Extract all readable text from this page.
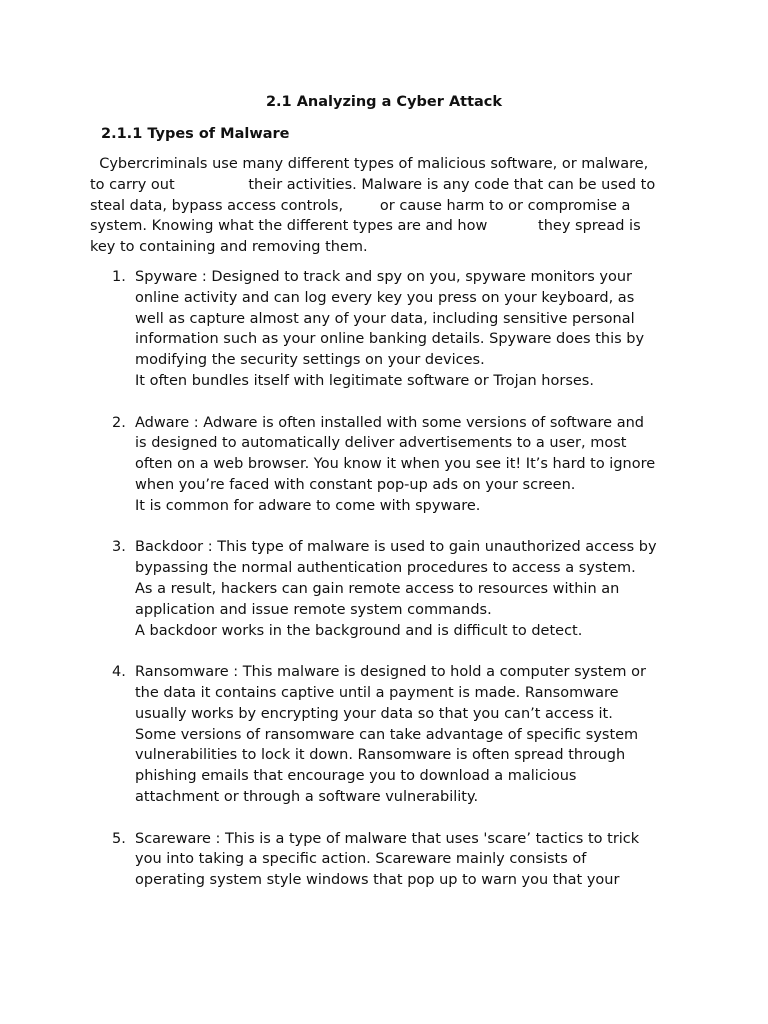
2.1 Analyzing a Cyber Attack
2.1.1 Types of Malware

Cybercriminals use many different types of malicious software, or malware,
to carry out                their activities. Malware is any code that can be used to
steal data, bypass access controls,        or cause harm to or compromise a
system. Knowing what the different types are and how           they spread is
key to containing and removing them.

1. Spyware : Designed to track and spy on you, spyware monitors your
online activity and can log every key you press on your keyboard, as
well as capture almost any of your data, including sensitive personal
information such as your online banking details. Spyware does this by
modifying the security settings on your devices.
It often bundles itself with legitimate software or Trojan horses.
2. Adware : Adware is often installed with some versions of software and
is designed to automatically deliver advertisements to a user, most
often on a web browser. You know it when you see it! It’s hard to ignore
when you’re faced with constant pop-up ads on your screen.
It is common for adware to come with spyware.
3. Backdoor : This type of malware is used to gain unauthorized access by
bypassing the normal authentication procedures to access a system.
As a result, hackers can gain remote access to resources within an
application and issue remote system commands.
A backdoor works in the background and is difficult to detect.
4. Ransomware : This malware is designed to hold a computer system or
the data it contains captive until a payment is made. Ransomware
usually works by encrypting your data so that you can’t access it.
Some versions of ransomware can take advantage of specific system
vulnerabilities to lock it down. Ransomware is often spread through
phishing emails that encourage you to download a malicious
attachment or through a software vulnerability.
5. Scareware : This is a type of malware that uses 'scare’ tactics to trick
you into taking a specific action. Scareware mainly consists of
operating system style windows that pop up to warn you that your
